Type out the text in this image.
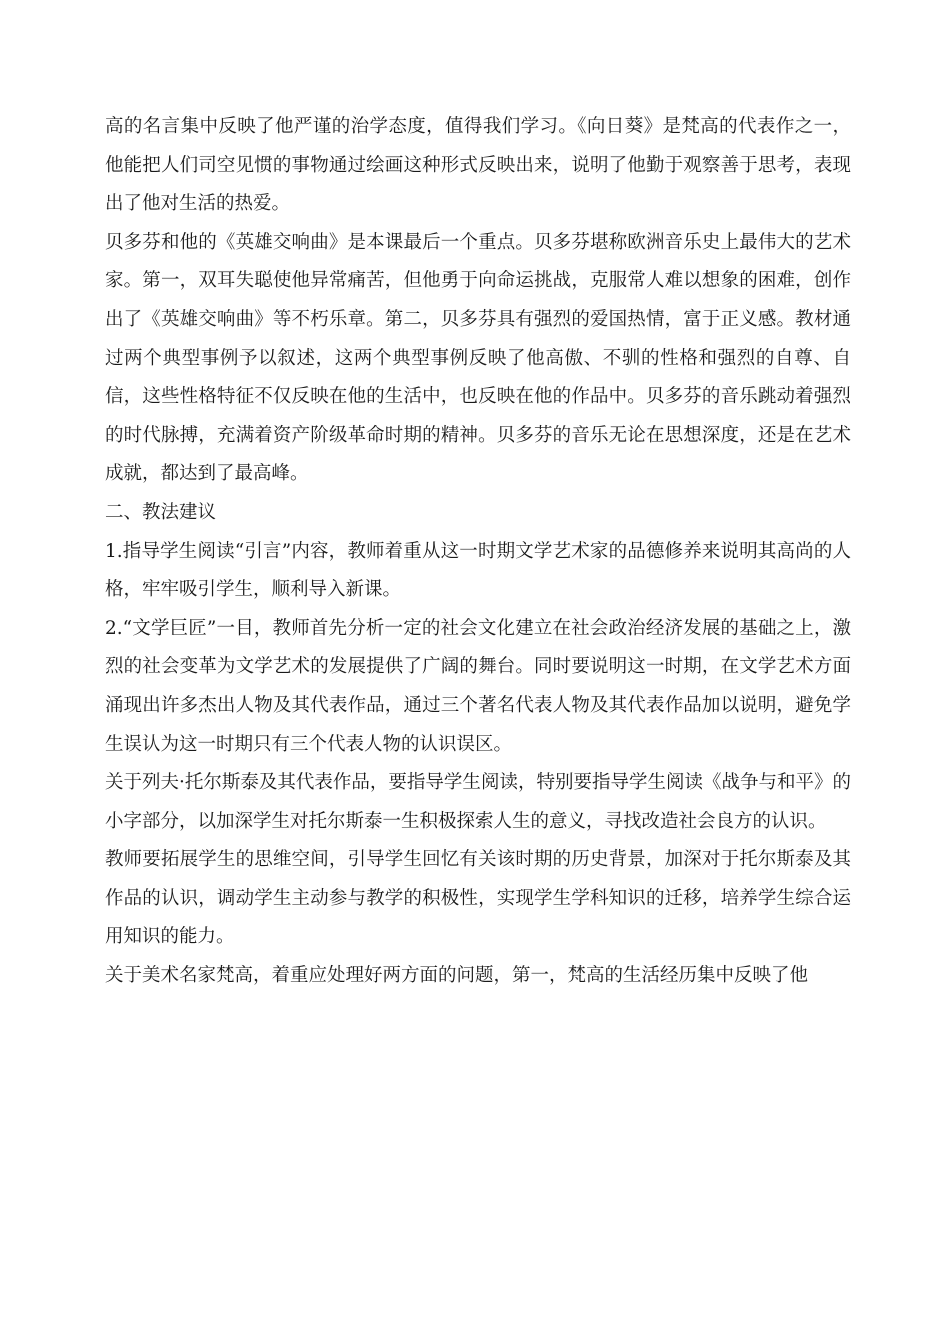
高的名言集中反映了他严谨的治学态度，值得我们学习。《向日葵》是梵高的代表作之一，他能把人们司空见惯的事物通过绘画这种形式反映出来，说明了他勤于观察善于思考，表现出了他对生活的热爱。

贝多芬和他的《英雄交响曲》是本课最后一个重点。贝多芬堪称欧洲音乐史上最伟大的艺术家。第一，双耳失聪使他异常痛苦，但他勇于向命运挑战，克服常人难以想象的困难，创作出了《英雄交响曲》等不朽乐章。第二，贝多芬具有强烈的爱国热情，富于正义感。教材通过两个典型事例予以叙述，这两个典型事例反映了他高傲、不驯的性格和强烈的自尊、自信，这些性格特征不仅反映在他的生活中，也反映在他的作品中。贝多芬的音乐跳动着强烈的时代脉搏，充满着资产阶级革命时期的精神。贝多芬的音乐无论在思想深度，还是在艺术成就，都达到了最高峰。

二、教法建议

1.指导学生阅读“引言”内容，教师着重从这一时期文学艺术家的品德修养来说明其高尚的人格，牢牢吸引学生，顺利导入新课。

2.“文学巨匠”一目，教师首先分析一定的社会文化建立在社会政治经济发展的基础之上，激烈的社会变革为文学艺术的发展提供了广阔的舞台。同时要说明这一时期，在文学艺术方面涌现出许多杰出人物及其代表作品，通过三个著名代表人物及其代表作品加以说明，避免学生误认为这一时期只有三个代表人物的认识误区。

关于列夫·托尔斯泰及其代表作品，要指导学生阅读，特别要指导学生阅读《战争与和平》的小字部分，以加深学生对托尔斯泰一生积极探索人生的意义，寻找改造社会良方的认识。

教师要拓展学生的思维空间，引导学生回忆有关该时期的历史背景，加深对于托尔斯泰及其作品的认识，调动学生主动参与教学的积极性，实现学生学科知识的迁移，培养学生综合运用知识的能力。

关于美术名家梵高，着重应处理好两方面的问题，第一，梵高的生活经历集中反映了他
